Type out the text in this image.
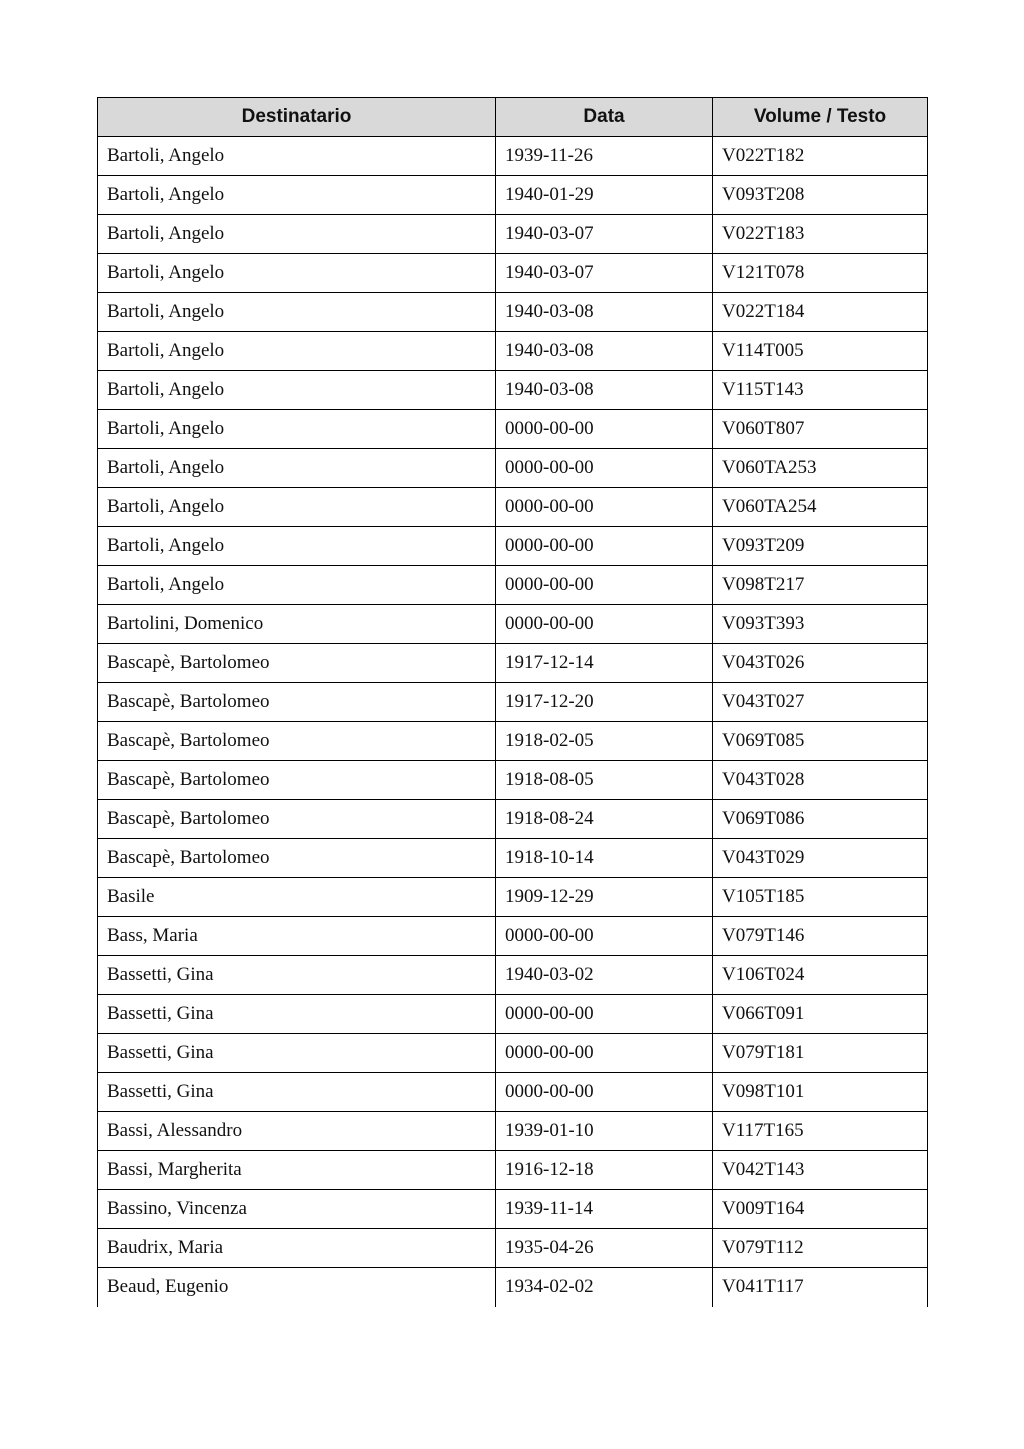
Destinatario	Data	Volume / Testo
Bartoli, Angelo	1939-11-26	V022T182
Bartoli, Angelo	1940-01-29	V093T208
Bartoli, Angelo	1940-03-07	V022T183
Bartoli, Angelo	1940-03-07	V121T078
Bartoli, Angelo	1940-03-08	V022T184
Bartoli, Angelo	1940-03-08	V114T005
Bartoli, Angelo	1940-03-08	V115T143
Bartoli, Angelo	0000-00-00	V060T807
Bartoli, Angelo	0000-00-00	V060TA253
Bartoli, Angelo	0000-00-00	V060TA254
Bartoli, Angelo	0000-00-00	V093T209
Bartoli, Angelo	0000-00-00	V098T217
Bartolini, Domenico	0000-00-00	V093T393
Bascapè, Bartolomeo	1917-12-14	V043T026
Bascapè, Bartolomeo	1917-12-20	V043T027
Bascapè, Bartolomeo	1918-02-05	V069T085
Bascapè, Bartolomeo	1918-08-05	V043T028
Bascapè, Bartolomeo	1918-08-24	V069T086
Bascapè, Bartolomeo	1918-10-14	V043T029
Basile	1909-12-29	V105T185
Bass, Maria	0000-00-00	V079T146
Bassetti, Gina	1940-03-02	V106T024
Bassetti, Gina	0000-00-00	V066T091
Bassetti, Gina	0000-00-00	V079T181
Bassetti, Gina	0000-00-00	V098T101
Bassi, Alessandro	1939-01-10	V117T165
Bassi, Margherita	1916-12-18	V042T143
Bassino, Vincenza	1939-11-14	V009T164
Baudrix, Maria	1935-04-26	V079T112
Beaud, Eugenio	1934-02-02	V041T117
